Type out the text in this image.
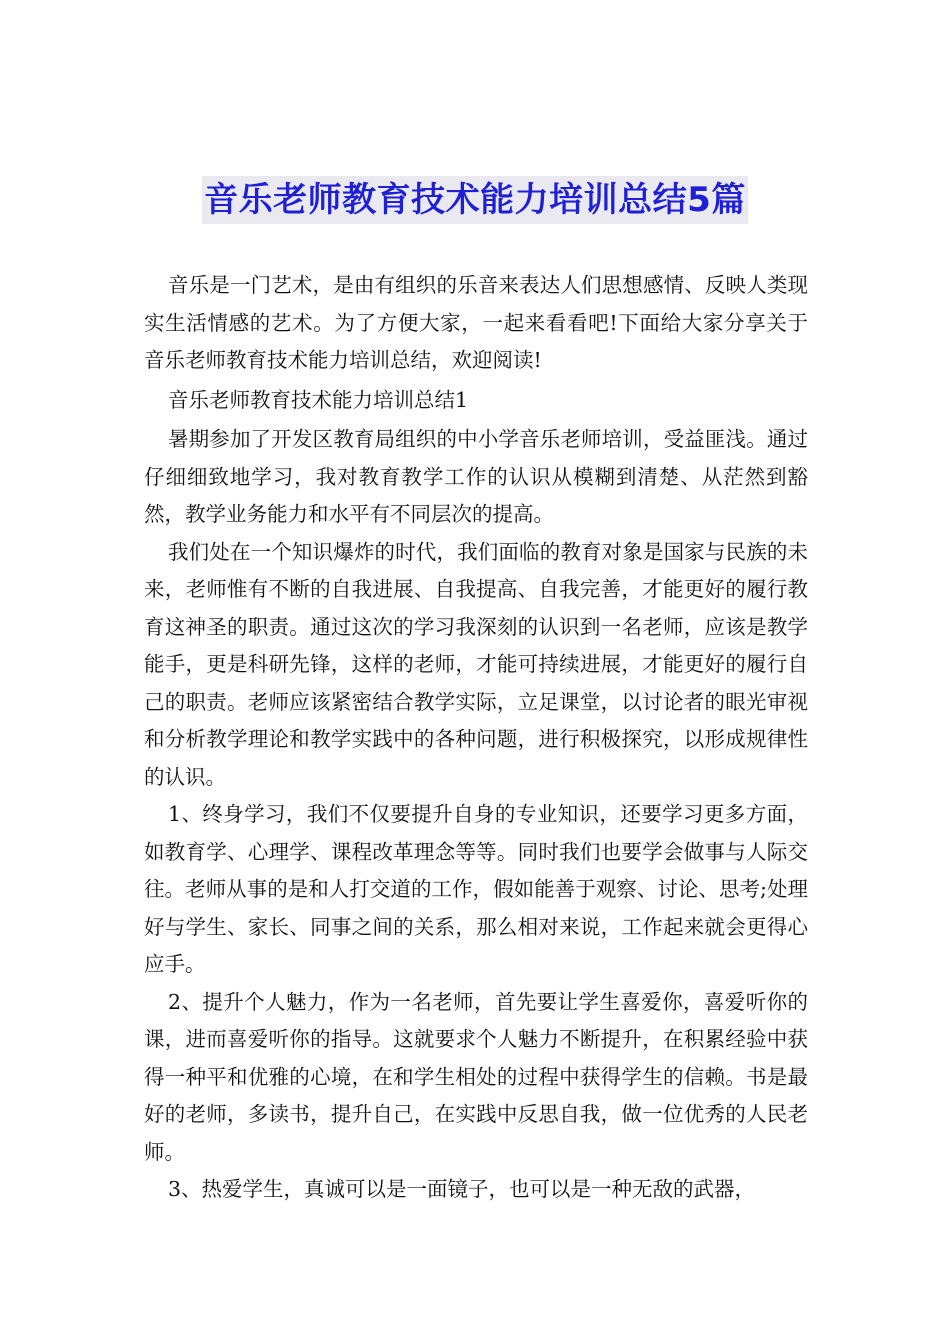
音乐老师教育技术能力培训总结5篇

音乐是一门艺术，是由有组织的乐音来表达人们思想感情、反映人类现实生活情感的艺术。为了方便大家，一起来看看吧!下面给大家分享关于音乐老师教育技术能力培训总结，欢迎阅读!

音乐老师教育技术能力培训总结1

暑期参加了开发区教育局组织的中小学音乐老师培训，受益匪浅。通过仔细细致地学习，我对教育教学工作的认识从模糊到清楚、从茫然到豁然，教学业务能力和水平有不同层次的提高。

我们处在一个知识爆炸的时代，我们面临的教育对象是国家与民族的未来，老师惟有不断的自我进展、自我提高、自我完善，才能更好的履行教育这神圣的职责。通过这次的学习我深刻的认识到一名老师，应该是教学能手，更是科研先锋，这样的老师，才能可持续进展，才能更好的履行自己的职责。老师应该紧密结合教学实际，立足课堂，以讨论者的眼光审视和分析教学理论和教学实践中的各种问题，进行积极探究，以形成规律性的认识。

1、终身学习，我们不仅要提升自身的专业知识，还要学习更多方面，如教育学、心理学、课程改革理念等等。同时我们也要学会做事与人际交往。老师从事的是和人打交道的工作，假如能善于观察、讨论、思考;处理好与学生、家长、同事之间的关系，那么相对来说，工作起来就会更得心应手。

2、提升个人魅力，作为一名老师，首先要让学生喜爱你，喜爱听你的课，进而喜爱听你的指导。这就要求个人魅力不断提升，在积累经验中获得一种平和优雅的心境，在和学生相处的过程中获得学生的信赖。书是最好的老师，多读书，提升自己，在实践中反思自我，做一位优秀的人民老师。

3、热爱学生，真诚可以是一面镜子，也可以是一种无敌的武器，
